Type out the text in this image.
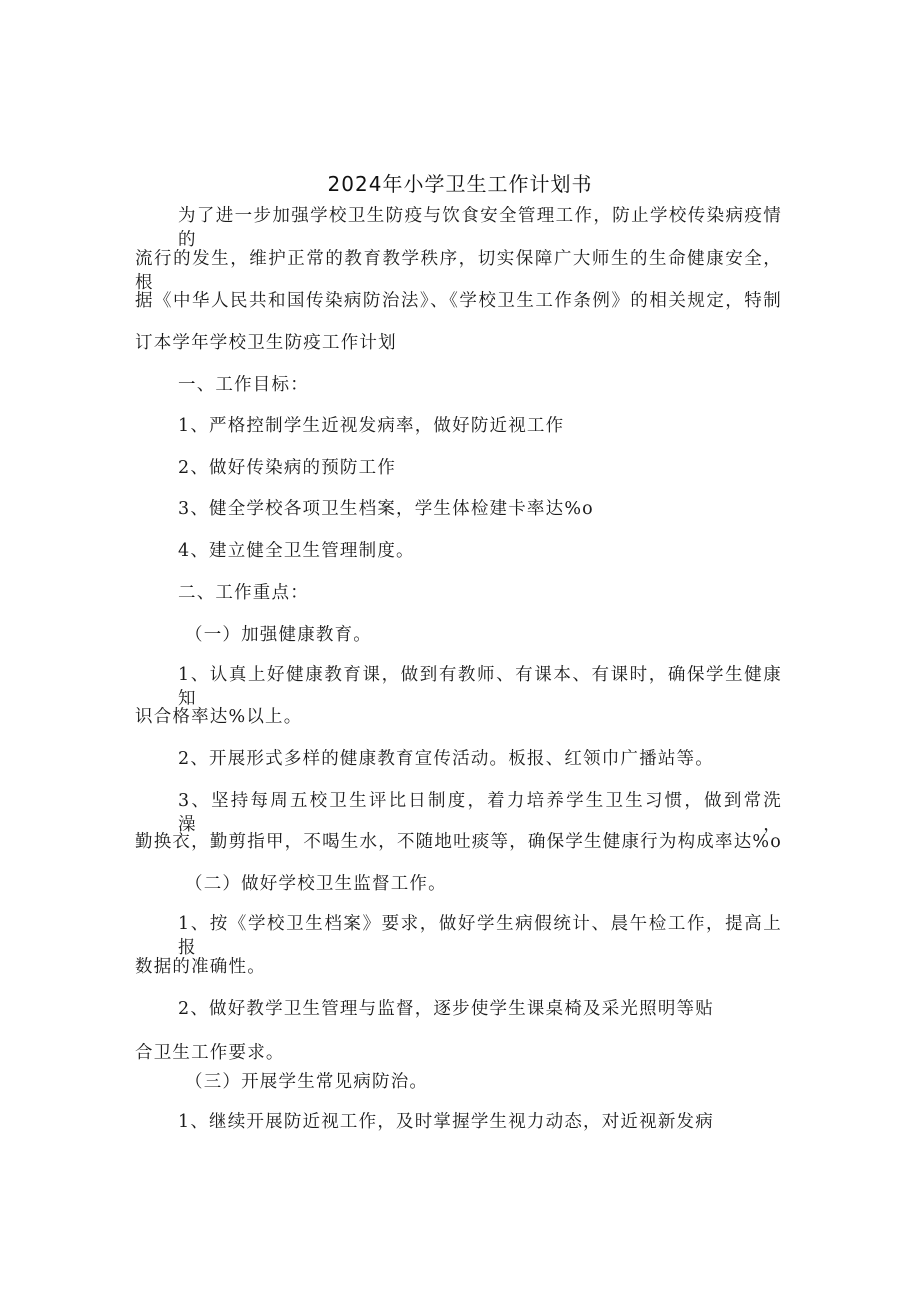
2024年小学卫生工作计划书
为了进一步加强学校卫生防疫与饮食安全管理工作，防止学校传染病疫情的
流行的发生，维护正常的教育教学秩序，切实保障广大师生的生命健康安全，根
据《中华人民共和国传染病防治法》、《学校卫生工作条例》的相关规定，特制
订本学年学校卫生防疫工作计划
一、工作目标：
1、严格控制学生近视发病率，做好防近视工作
2、做好传染病的预防工作
3、健全学校各项卫生档案，学生体检建卡率达%o
4、建立健全卫生管理制度。
二、工作重点：
（一）加强健康教育。
1、认真上好健康教育课，做到有教师、有课本、有课时，确保学生健康知
识合格率达%以上。
2、开展形式多样的健康教育宣传活动。板报、红领巾广播站等。
3、坚持每周五校卫生评比日制度，着力培养学生卫生习惯，做到常洗澡，
勤换衣，勤剪指甲，不喝生水，不随地吐痰等，确保学生健康行为构成率达%o
（二）做好学校卫生监督工作。
1、按《学校卫生档案》要求，做好学生病假统计、晨午检工作，提高上报
数据的准确性。
2、做好教学卫生管理与监督，逐步使学生课桌椅及采光照明等贴
合卫生工作要求。
（三）开展学生常见病防治。
1、继续开展防近视工作，及时掌握学生视力动态，对近视新发病
